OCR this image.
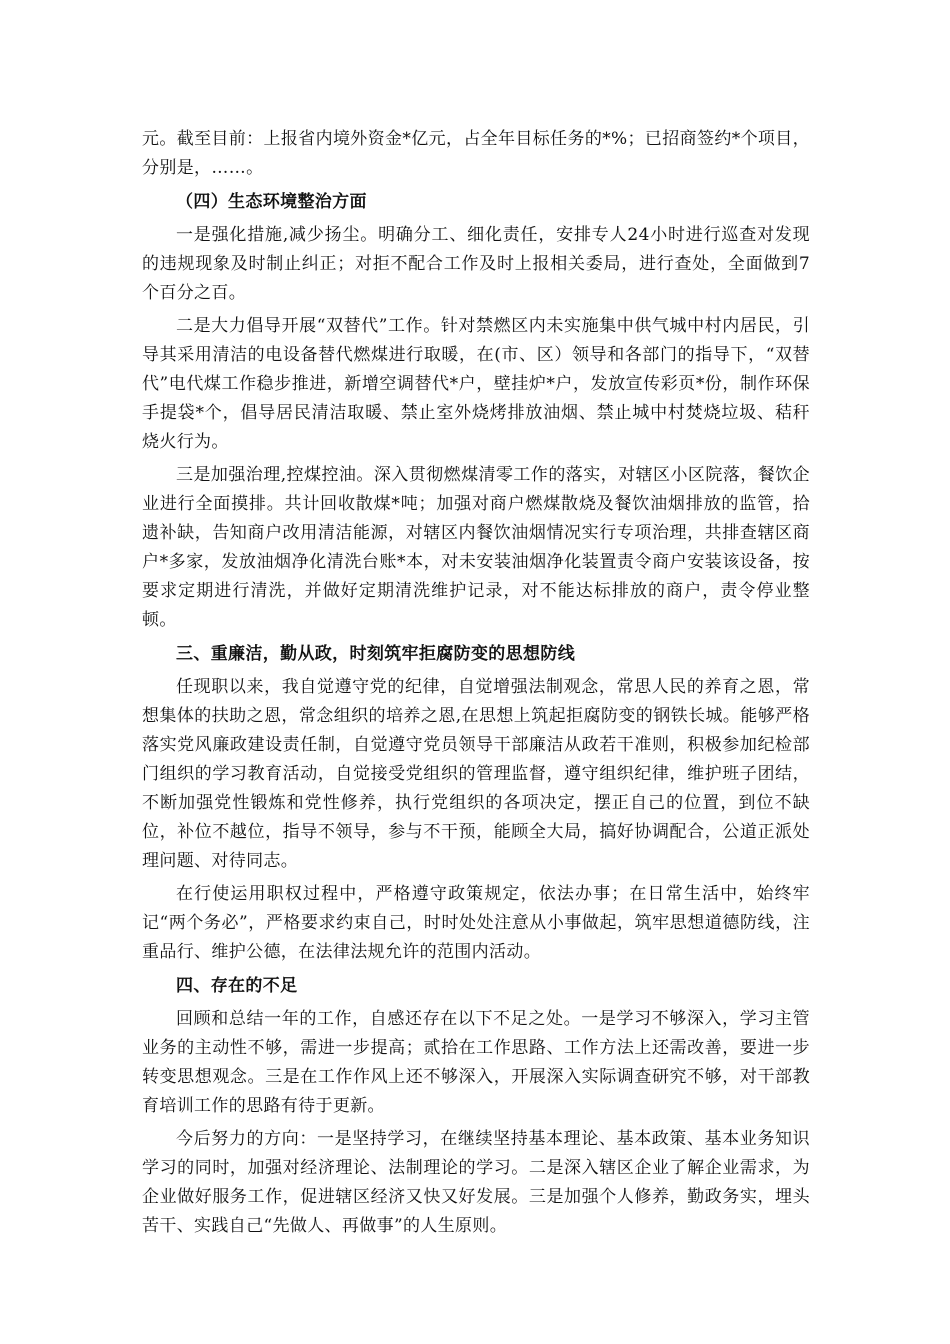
元。截至目前：上报省内境外资金*亿元，占全年目标任务的*%；已招商签约*个项目，分别是，……。

（四）生态环境整治方面

一是强化措施,减少扬尘。明确分工、细化责任，安排专人24小时进行巡查对发现的违规现象及时制止纠正；对拒不配合工作及时上报相关委局，进行查处，全面做到7个百分之百。

二是大力倡导开展“双替代”工作。针对禁燃区内未实施集中供气城中村内居民，引导其采用清洁的电设备替代燃煤进行取暖，在(市、区）领导和各部门的指导下，“双替代”电代煤工作稳步推进，新增空调替代*户，壁挂炉*户，发放宣传彩页*份，制作环保手提袋*个，倡导居民清洁取暖、禁止室外烧烤排放油烟、禁止城中村焚烧垃圾、秸秆烧火行为。

三是加强治理,控煤控油。深入贯彻燃煤清零工作的落实，对辖区小区院落，餐饮企业进行全面摸排。共计回收散煤*吨；加强对商户燃煤散烧及餐饮油烟排放的监管，拾遗补缺，告知商户改用清洁能源，对辖区内餐饮油烟情况实行专项治理，共排查辖区商户*多家，发放油烟净化清洗台账*本，对未安装油烟净化装置责令商户安装该设备，按要求定期进行清洗，并做好定期清洗维护记录，对不能达标排放的商户，责令停业整顿。

三、重廉洁，勤从政，时刻筑牢拒腐防变的思想防线

任现职以来，我自觉遵守党的纪律，自觉增强法制观念，常思人民的养育之恩，常想集体的扶助之恩，常念组织的培养之恩,在思想上筑起拒腐防变的钢铁长城。能够严格落实党风廉政建设责任制，自觉遵守党员领导干部廉洁从政若干准则，积极参加纪检部门组织的学习教育活动，自觉接受党组织的管理监督，遵守组织纪律，维护班子团结，不断加强党性锻炼和党性修养，执行党组织的各项决定，摆正自己的位置，到位不缺位，补位不越位，指导不领导，参与不干预，能顾全大局，搞好协调配合，公道正派处理问题、对待同志。

在行使运用职权过程中，严格遵守政策规定，依法办事；在日常生活中，始终牢记“两个务必”，严格要求约束自己，时时处处注意从小事做起，筑牢思想道德防线，注重品行、维护公德，在法律法规允许的范围内活动。

四、存在的不足

回顾和总结一年的工作，自感还存在以下不足之处。一是学习不够深入，学习主管业务的主动性不够，需进一步提高；贰拾在工作思路、工作方法上还需改善，要进一步转变思想观念。三是在工作作风上还不够深入，开展深入实际调查研究不够，对干部教育培训工作的思路有待于更新。

今后努力的方向：一是坚持学习，在继续坚持基本理论、基本政策、基本业务知识学习的同时，加强对经济理论、法制理论的学习。二是深入辖区企业了解企业需求，为企业做好服务工作，促进辖区经济又快又好发展。三是加强个人修养，勤政务实，埋头苦干、实践自己“先做人、再做事”的人生原则。
